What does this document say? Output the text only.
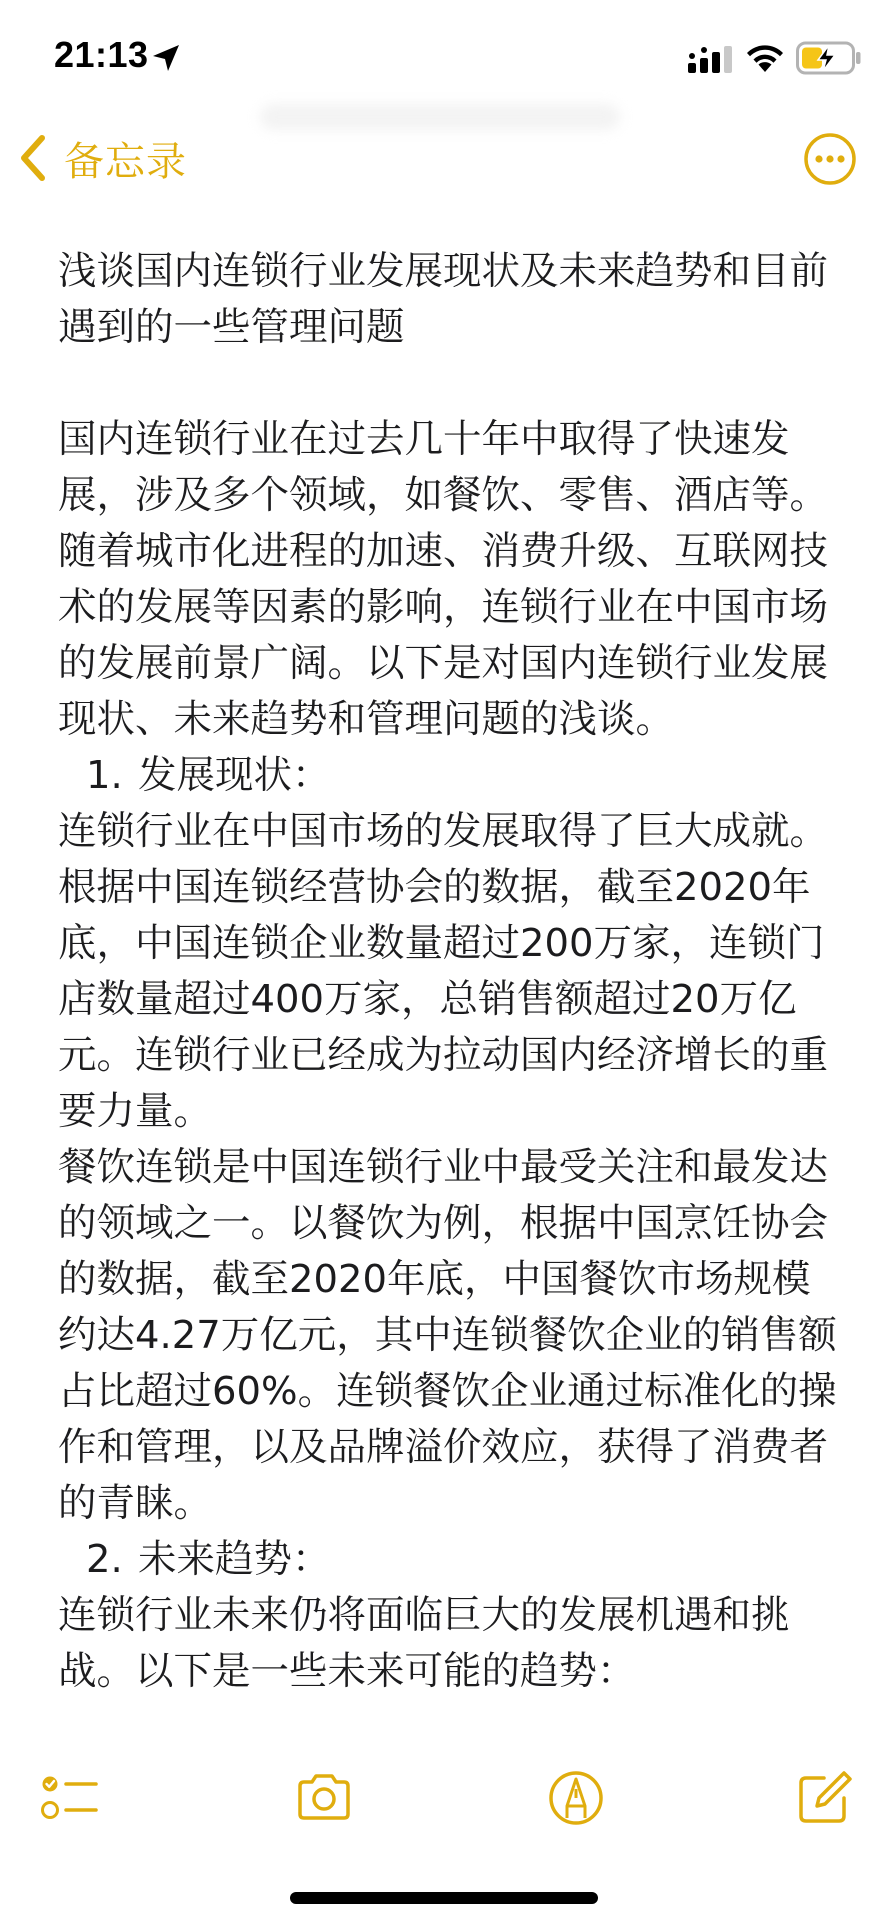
21:13
备忘录

浅谈国内连锁行业发展现状及未来趋势和目前遇到的一些管理问题

国内连锁行业在过去几十年中取得了快速发展，涉及多个领域，如餐饮、零售、酒店等。随着城市化进程的加速、消费升级、互联网技术的发展等因素的影响，连锁行业在中国市场的发展前景广阔。以下是对国内连锁行业发展现状、未来趋势和管理问题的浅谈。

1. 发展现状：

连锁行业在中国市场的发展取得了巨大成就。根据中国连锁经营协会的数据，截至2020年底，中国连锁企业数量超过200万家，连锁门店数量超过400万家，总销售额超过20万亿元。连锁行业已经成为拉动国内经济增长的重要力量。

餐饮连锁是中国连锁行业中最受关注和最发达的领域之一。以餐饮为例，根据中国烹饪协会的数据，截至2020年底，中国餐饮市场规模约达4.27万亿元，其中连锁餐饮企业的销售额占比超过60%。连锁餐饮企业通过标准化的操作和管理，以及品牌溢价效应，获得了消费者的青睐。

2. 未来趋势：

连锁行业未来仍将面临巨大的发展机遇和挑战。以下是一些未来可能的趋势：
